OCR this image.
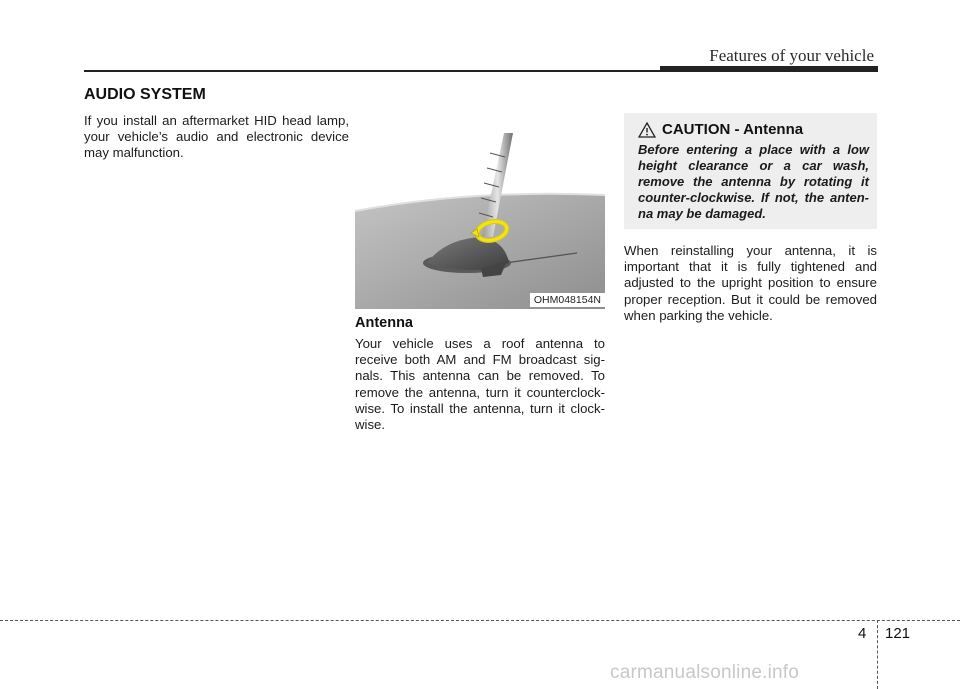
Features of your vehicle
AUDIO SYSTEM

If you install an aftermarket HID head lamp, your vehicle’s audio and electronic device may malfunction.

OHM048154N
Antenna

Your vehicle uses a roof antenna to receive both AM and FM broadcast sig-nals. This antenna can be removed. To remove the antenna, turn it counterclock-wise. To install the antenna, turn it clock-wise.

CAUTION - Antenna

Before entering a place with a low height clearance or a car wash, remove the antenna by rotating it counter-clockwise. If not, the anten-na may be damaged.

When reinstalling your antenna, it is important that it is fully tightened and adjusted to the upright position to ensure proper reception. But it could be removed when parking the vehicle.

4 121
carmanualsonline.info
